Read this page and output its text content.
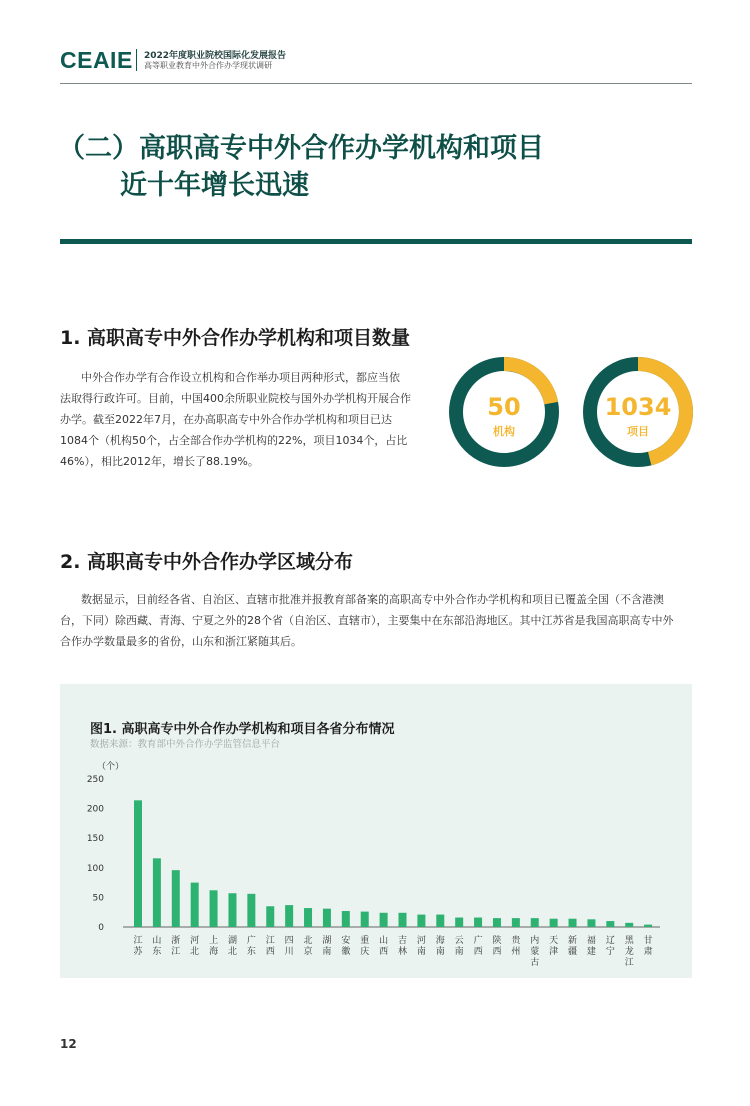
CEAIE 2022年度职业院校国际化发展报告
高等职业教育中外合作办学现状调研
（二）高职高专中外合作办学机构和项目
近十年增长迅速
1. 高职高专中外合作办学机构和项目数量
中外合作办学有合作设立机构和合作举办项目两种形式，都应当依
法取得行政许可。目前，中国400余所职业院校与国外办学机构开展合作
办学。截至2022年7月，在办高职高专中外合作办学机构和项目已达
1084个（机构50个，占全部合作办学机构的22%，项目1034个，占比
46%），相比2012年，增长了88.19%。
50
机构
1034
项目
2. 高职高专中外合作办学区域分布
数据显示，目前经各省、自治区、直辖市批准并报教育部备案的高职高专中外合作办学机构和项目已覆盖全国（不含港澳
台，下同）除西藏、青海、宁夏之外的28个省（自治区、直辖市），主要集中在东部沿海地区。其中江苏省是我国高职高专中外
合作办学数量最多的省份，山东和浙江紧随其后。
图1. 高职高专中外合作办学机构和项目各省分布情况
数据来源：教育部中外合作办学监管信息平台
（个）
0
50
100
150
200
250
江苏
山东
浙江
河北
上海
湖北
广东
江西
四川
北京
湖南
安徽
重庆
山西
吉林
河南
海南
云南
广西
陕西
贵州
内蒙古
天津
新疆
福建
辽宁
黑龙江
甘肃
12
